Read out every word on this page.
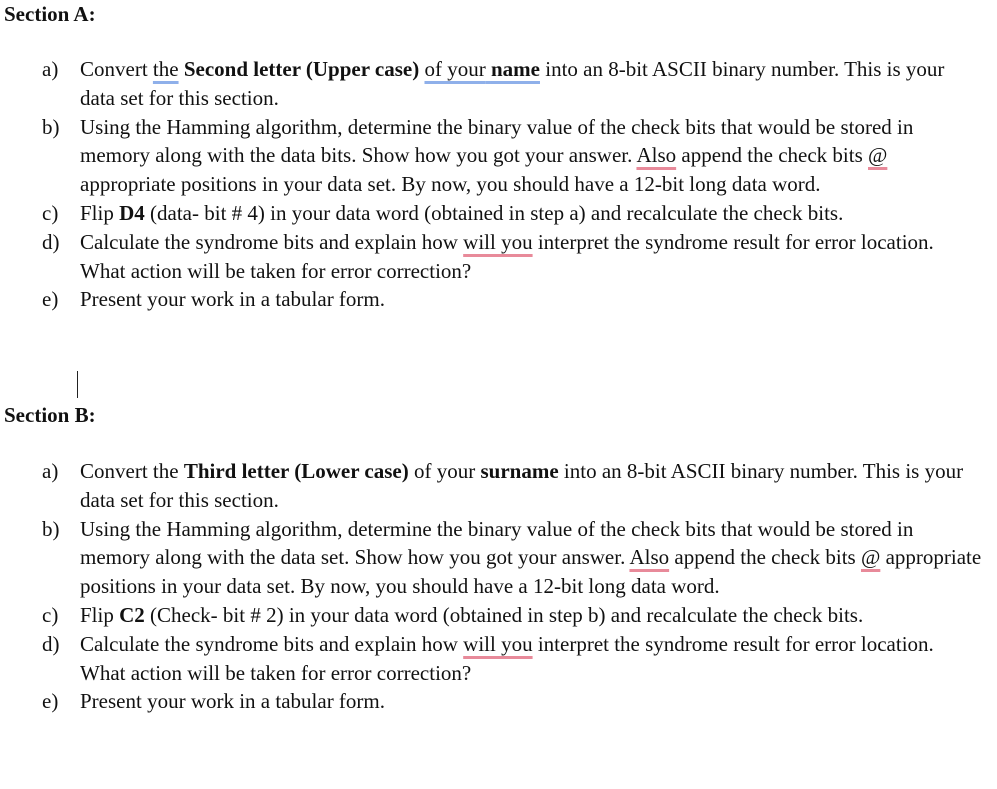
Section A:
a) Convert the Second letter (Upper case) of your name into an 8-bit ASCII binary number. This is your data set for this section.
b) Using the Hamming algorithm, determine the binary value of the check bits that would be stored in memory along with the data bits. Show how you got your answer. Also append the check bits @ appropriate positions in your data set. By now, you should have a 12-bit long data word.
c) Flip D4 (data- bit # 4) in your data word (obtained in step a) and recalculate the check bits.
d) Calculate the syndrome bits and explain how will you interpret the syndrome result for error location. What action will be taken for error correction?
e) Present your work in a tabular form.
Section B:
a) Convert the Third letter (Lower case) of your surname into an 8-bit ASCII binary number. This is your data set for this section.
b) Using the Hamming algorithm, determine the binary value of the check bits that would be stored in memory along with the data set. Show how you got your answer. Also append the check bits @ appropriate positions in your data set. By now, you should have a 12-bit long data word.
c) Flip C2 (Check- bit # 2) in your data word (obtained in step b) and recalculate the check bits.
d) Calculate the syndrome bits and explain how will you interpret the syndrome result for error location. What action will be taken for error correction?
e) Present your work in a tabular form.
